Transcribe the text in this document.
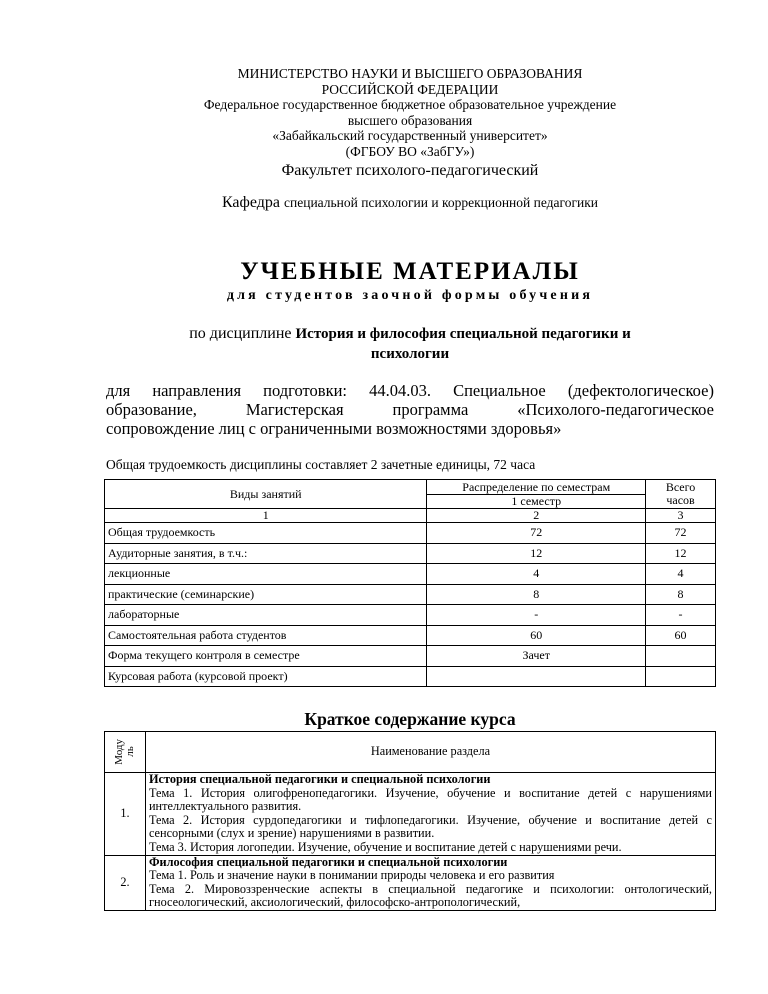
МИНИСТЕРСТВО НАУКИ И ВЫСШЕГО ОБРАЗОВАНИЯ
РОССИЙСКОЙ ФЕДЕРАЦИИ
Федеральное государственное бюджетное образовательное учреждение
высшего образования
«Забайкальский государственный университет»
(ФГБОУ ВО «ЗабГУ»)
Факультет психолого-педагогический
Кафедра специальной психологии и коррекционной педагогики
УЧЕБНЫЕ МАТЕРИАЛЫ
для студентов заочной формы обучения
по дисциплине История и философия специальной педагогики и
психологии
для направления подготовки: 44.04.03. Специальное (дефектологическое)
образование,	Магистерская	программа	«Психолого-педагогическое
сопровождение лиц с ограниченными возможностями здоровья»
Общая трудоемкость дисциплины составляет 2 зачетные единицы, 72 часа
Виды занятий	Распределение по семестрам	Всего
часов
	1 семестр	
1	2	3
Общая трудоемкость	72	72
Аудиторные занятия, в т.ч.:	12	12
лекционные	4	4
практические (семинарские)	8	8
лабораторные	-	-
Самостоятельная работа студентов	60	60
Форма текущего контроля в семестре	Зачет	
Курсовая работа (курсовой проект)		
Краткое содержание курса
Моду
ль	Наименование раздела
1.	История специальной педагогики и специальной психологии
Тема 1. История олигофренопедагогики. Изучение, обучение и воспитание детей с нарушениями интеллектуального развития.
Тема 2. История сурдопедагогики и тифлопедагогики. Изучение, обучение и воспитание детей с сенсорными (слух и зрение) нарушениями в развитии.
Тема 3. История логопедии. Изучение, обучение и воспитание детей с нарушениями речи.

2.	Философия специальной педагогики и специальной психологии
Тема 1. Роль и значение науки в понимании природы человека и его развития
Тема 2. Мировоззренческие аспекты в специальной педагогике и психологии: онтологический, гносеологический, аксиологический, философско-антропологический,
